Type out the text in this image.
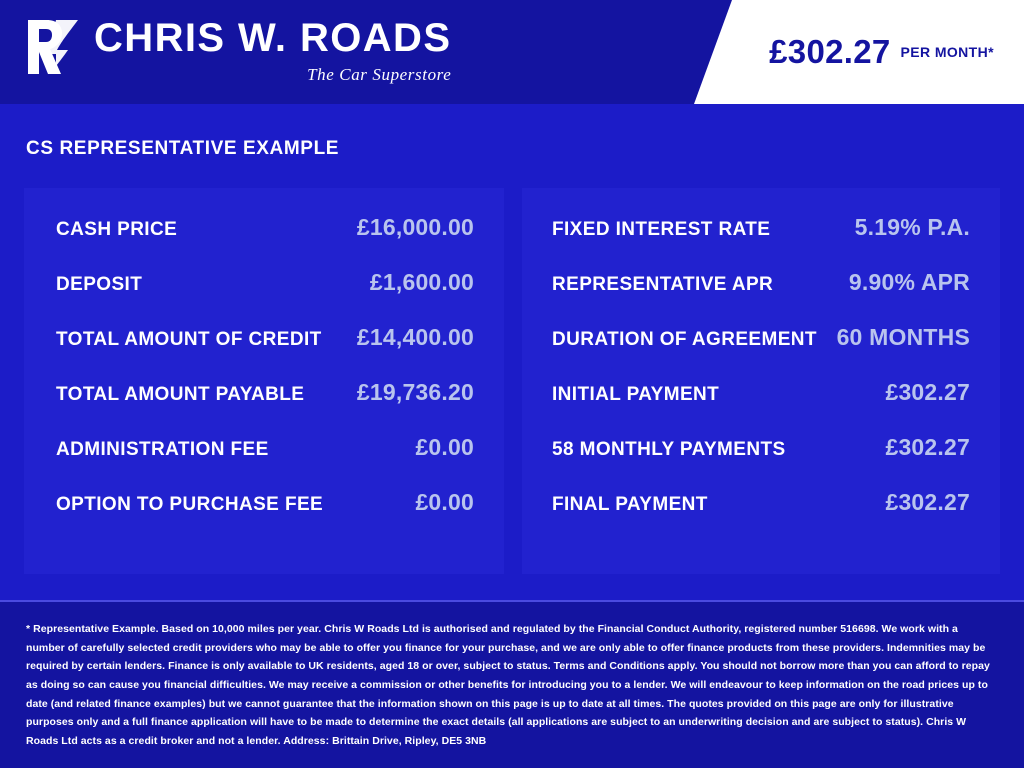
CHRIS W. ROADS
The Car Superstore
£302.27 PER MONTH*
CS REPRESENTATIVE EXAMPLE
CASH PRICE	£16,000.00
DEPOSIT	£1,600.00
TOTAL AMOUNT OF CREDIT £14,400.00
TOTAL AMOUNT PAYABLE £19,736.20
ADMINISTRATION FEE	£0.00
OPTION TO PURCHASE FEE	£0.00
FIXED INTEREST RATE	5.19% P.A.
REPRESENTATIVE APR	9.90% APR
DURATION OF AGREEMENT 60 MONTHS
INITIAL PAYMENT	£302.27
58 MONTHLY PAYMENTS	£302.27
FINAL PAYMENT	£302.27

* Representative Example. Based on 10,000 miles per year. Chris W Roads Ltd is authorised and regulated by the Financial Conduct Authority, registered number 516698. We work with a number of carefully selected credit providers who may be able to offer you finance for your purchase, and we are only able to offer finance products from these providers. Indemnities may be required by certain lenders. Finance is only available to UK residents, aged 18 or over, subject to status. Terms and Conditions apply. You should not borrow more than you can afford to repay as doing so can cause you financial difficulties. We may receive a commission or other benefits for introducing you to a lender. We will endeavour to keep information on the road prices up to date (and related finance examples) but we cannot guarantee that the information shown on this page is up to date at all times. The quotes provided on this page are only for illustrative purposes only and a full finance application will have to be made to determine the exact details (all applications are subject to an underwriting decision and are subject to status). Chris W Roads Ltd acts as a credit broker and not a lender. Address: Brittain Drive, Ripley, DE5 3NB
